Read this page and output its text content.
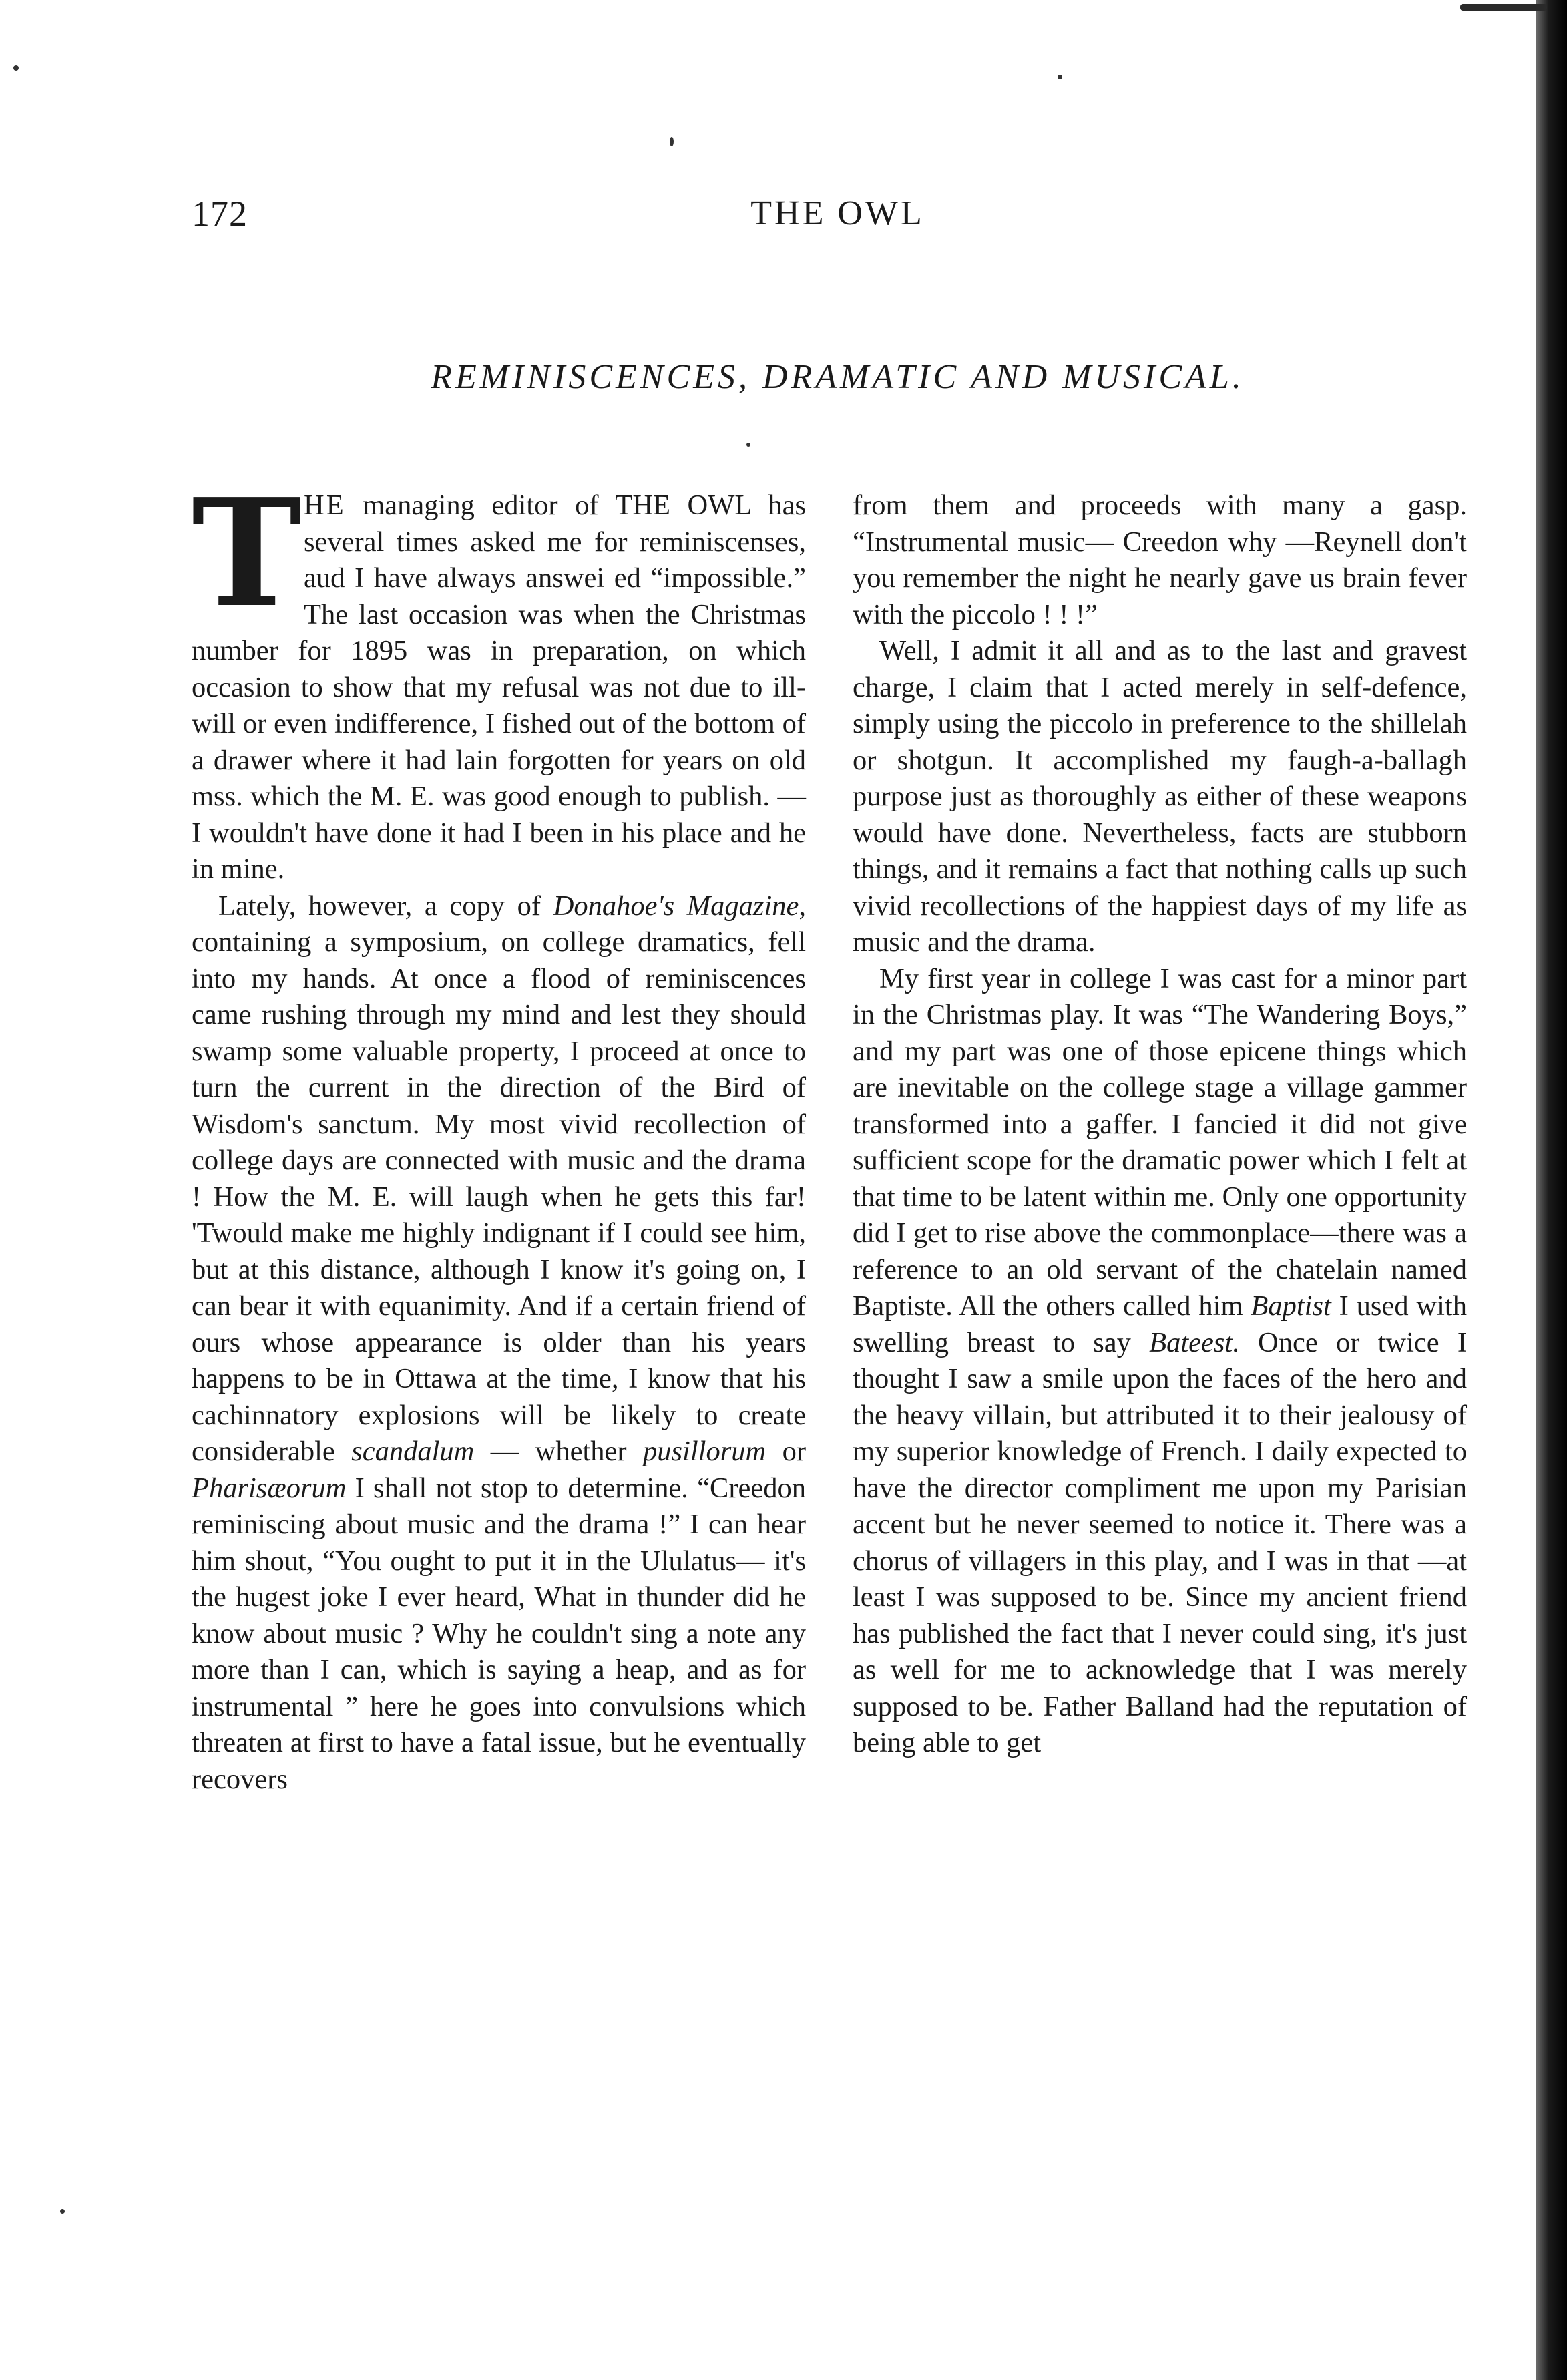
172	THE OWL
REMINISCENCES, DRAMATIC AND MUSICAL.

THE managing editor of THE OWL has several times asked me for reminiscenses, aud I have always answei ed “impossible.” The last occasion was when the Christmas number for 1895 was in preparation, on which occasion to show that my refusal was not due to ill-will or even indifference, I fished out of the bottom of a drawer where it had lain forgotten for years on old mss. which the M. E. was good enough to publish. —I wouldn't have done it had I been in his place and he in mine.

Lately, however, a copy of Donahoe's Magazine, containing a symposium, on college dramatics, fell into my hands. At once a flood of reminiscences came rushing through my mind and lest they should swamp some valuable property, I proceed at once to turn the current in the direction of the Bird of Wisdom's sanctum. My most vivid recollection of college days are connected with music and the drama ! How the M. E. will laugh when he gets this far! 'Twould make me highly indignant if I could see him, but at this distance, although I know it's going on, I can bear it with equanimity. And if a certain friend of ours whose appearance is older than his years happens to be in Ottawa at the time, I know that his cachinnatory explosions will be likely to create considerable scandalum — whether pusillorum or Pharisæorum I shall not stop to determine. “Creedon reminiscing about music and the drama !” I can hear him shout, “You ought to put it in the Ululatus— it's the hugest joke I ever heard, What in thunder did he know about music ? Why he couldn't sing a note any more than I can, which is saying a heap, and as for instrumental ” here he goes into convulsions which threaten at first to have a fatal issue, but he eventually recovers

from them and proceeds with many a gasp. “Instrumental music— Creedon why —Reynell don't you remember the night he nearly gave us brain fever with the piccolo ! ! !”

Well, I admit it all and as to the last and gravest charge, I claim that I acted merely in self-defence, simply using the piccolo in preference to the shillelah or shotgun. It accomplished my faugh-a-ballagh purpose just as thoroughly as either of these weapons would have done. Nevertheless, facts are stubborn things, and it remains a fact that nothing calls up such vivid recollections of the happiest days of my life as music and the drama.

My first year in college I was cast for a minor part in the Christmas play. It was “The Wandering Boys,” and my part was one of those epicene things which are inevitable on the college stage a village gammer transformed into a gaffer. I fancied it did not give sufficient scope for the dramatic power which I felt at that time to be latent within me. Only one opportunity did I get to rise above the commonplace—there was a reference to an old servant of the chatelain named Baptiste. All the others called him Baptist I used with swelling breast to say Bateest. Once or twice I thought I saw a smile upon the faces of the hero and the heavy villain, but attributed it to their jealousy of my superior knowledge of French. I daily expected to have the director compliment me upon my Parisian accent but he never seemed to notice it. There was a chorus of villagers in this play, and I was in that —at least I was supposed to be. Since my ancient friend has published the fact that I never could sing, it's just as well for me to acknowledge that I was merely supposed to be. Father Balland had the reputation of being able to get
